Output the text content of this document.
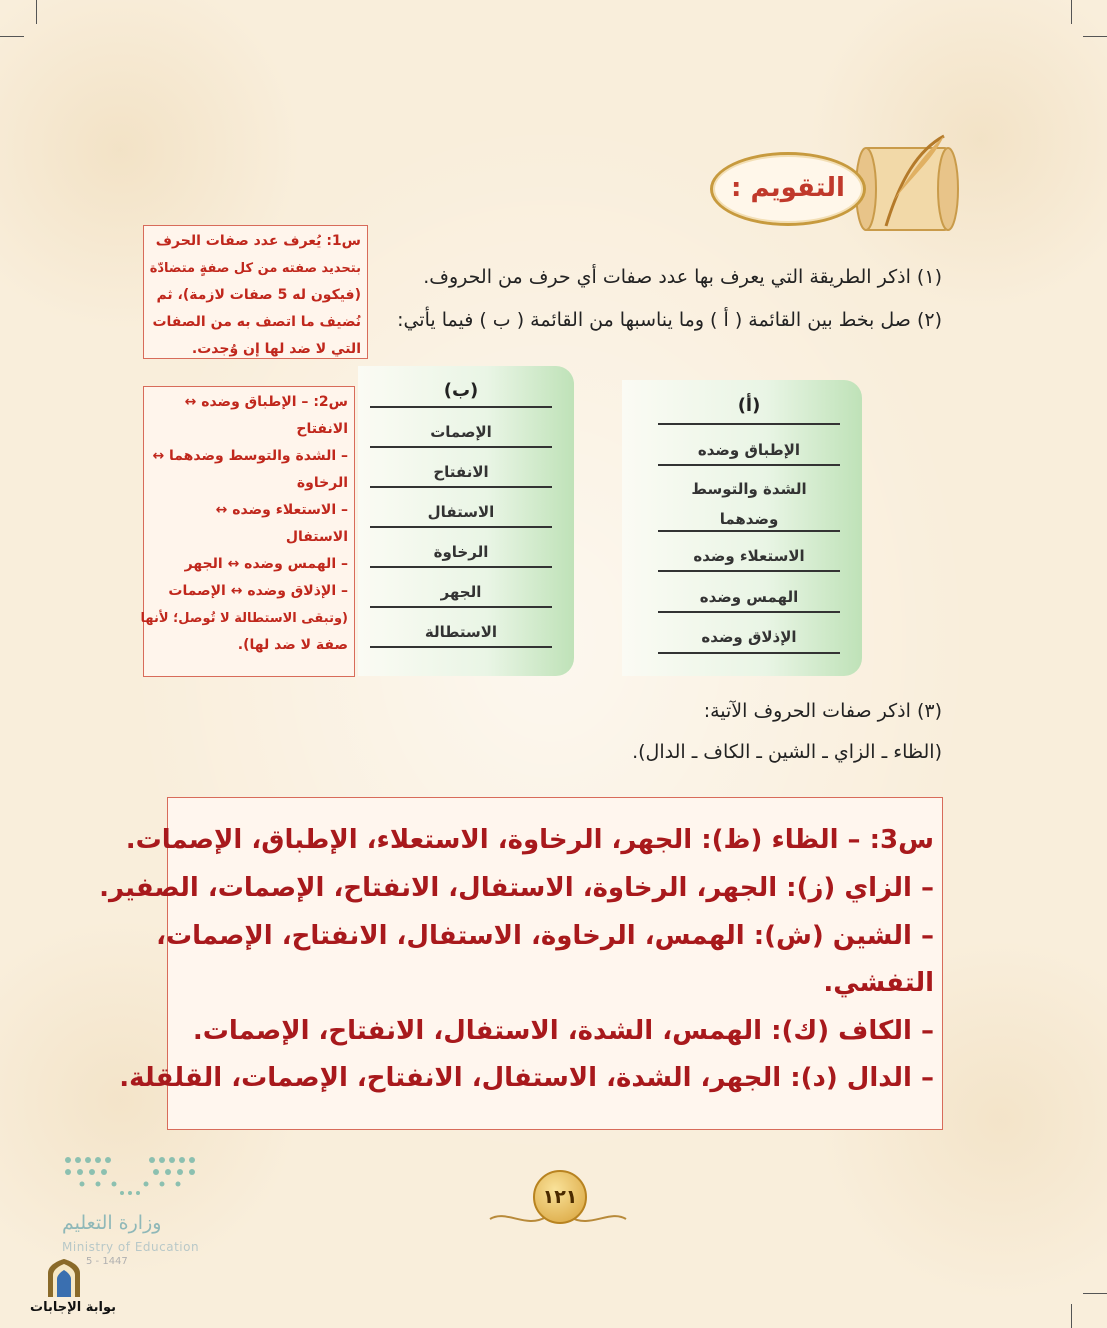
التقويم :
(١) اذكر الطريقة التي يعرف بها عدد صفات أي حرف من الحروف.
(٢) صل بخط بين القائمة ( أ ) وما يناسبها من القائمة ( ب ) فيما يأتي:
(٣) اذكر صفات الحروف الآتية:
(الظاء ـ الزاي ـ الشين ـ الكاف ـ الدال).
س1: يُعرف عدد صفات الحرف
بتحديد صفته من كل صفةٍ متضادّة
(فيكون له 5 صفات لازمة)، ثم
نُضيف ما اتصف به من الصفات
التي لا ضد لها إن وُجدت.
س2: – الإطباق وضده ↔
الانفتاح
– الشدة والتوسط وضدهما ↔
الرخاوة
– الاستعلاء وضده ↔
الاستفال
– الهمس وضده ↔ الجهر
– الإذلاق وضده ↔ الإصمات
(وتبقى الاستطالة لا تُوصل؛ لأنها
صفة لا ضد لها).
(ب)
الإصمات
الانفتاح
الاستفال
الرخاوة
الجهر
الاستطالة
(أ)
الإطباق وضده
الشدة والتوسط
وضدهما
الاستعلاء وضده
الهمس وضده
الإذلاق وضده
س3: – الظاء (ظ): الجهر، الرخاوة، الاستعلاء، الإطباق، الإصمات.
– الزاي (ز): الجهر، الرخاوة، الاستفال، الانفتاح، الإصمات، الصفير.
– الشين (ش): الهمس، الرخاوة، الاستفال، الانفتاح، الإصمات،
التفشي.
– الكاف (ك): الهمس، الشدة، الاستفال، الانفتاح، الإصمات.
– الدال (د): الجهر، الشدة، الاستفال، الانفتاح، الإصمات، القلقلة.
١٢١
وزارة التعليم
Ministry of Education
5 - 1447
بوابة الإجابات
